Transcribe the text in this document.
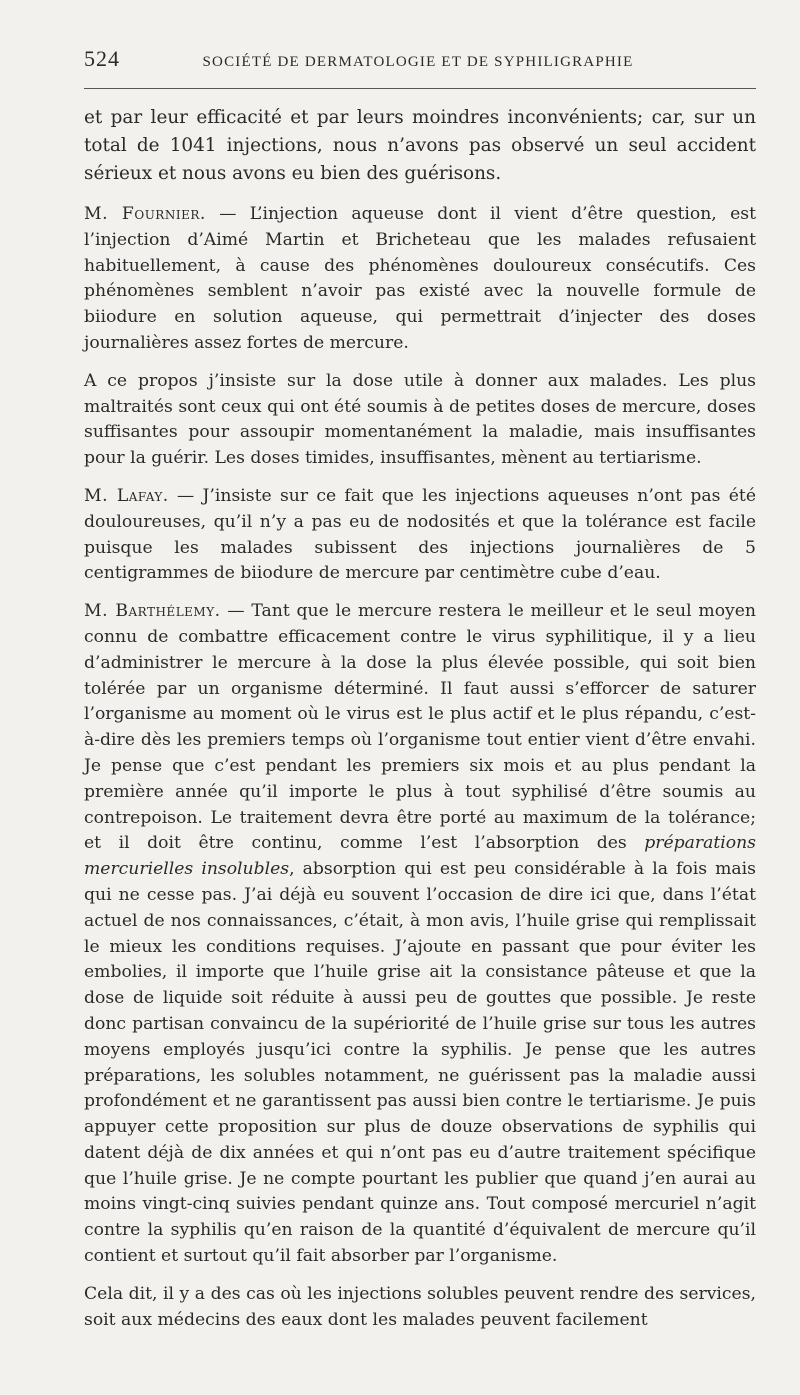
524	SOCIÉTÉ DE DERMATOLOGIE ET DE SYPHILIGRAPHIE

et par leur efficacité et par leurs moindres inconvénients; car, sur un total de 1041 injections, nous n’avons pas observé un seul accident sérieux et nous avons eu bien des guérisons.

M. Fournier. — L’injection aqueuse dont il vient d’être question, est l’injection d’Aimé Martin et Bricheteau que les malades refusaient habituellement, à cause des phénomènes douloureux consécutifs. Ces phénomènes semblent n’avoir pas existé avec la nouvelle formule de biiodure en solution aqueuse, qui permettrait d’injecter des doses journalières assez fortes de mercure.

A ce propos j’insiste sur la dose utile à donner aux malades. Les plus maltraités sont ceux qui ont été soumis à de petites doses de mercure, doses suffisantes pour assoupir momentanément la maladie, mais insuffisantes pour la guérir. Les doses timides, insuffisantes, mènent au tertiarisme.

M. Lafay. — J’insiste sur ce fait que les injections aqueuses n’ont pas été douloureuses, qu’il n’y a pas eu de nodosités et que la tolérance est facile puisque les malades subissent des injections journalières de 5 centigrammes de biiodure de mercure par centimètre cube d’eau.

M. Barthélemy. — Tant que le mercure restera le meilleur et le seul moyen connu de combattre efficacement contre le virus syphilitique, il y a lieu d’administrer le mercure à la dose la plus élevée possible, qui soit bien tolérée par un organisme déterminé. Il faut aussi s’efforcer de saturer l’organisme au moment où le virus est le plus actif et le plus répandu, c’est-à-dire dès les premiers temps où l’organisme tout entier vient d’être envahi. Je pense que c’est pendant les premiers six mois et au plus pendant la première année qu’il importe le plus à tout syphilisé d’être soumis au contrepoison. Le traitement devra être porté au maximum de la tolérance; et il doit être continu, comme l’est l’absorption des préparations mercurielles insolubles, absorption qui est peu considérable à la fois mais qui ne cesse pas. J’ai déjà eu souvent l’occasion de dire ici que, dans l’état actuel de nos connaissances, c’était, à mon avis, l’huile grise qui remplissait le mieux les conditions requises. J’ajoute en passant que pour éviter les embolies, il importe que l’huile grise ait la consistance pâteuse et que la dose de liquide soit réduite à aussi peu de gouttes que possible. Je reste donc partisan convaincu de la supériorité de l’huile grise sur tous les autres moyens employés jusqu’ici contre la syphilis. Je pense que les autres préparations, les solubles notamment, ne guérissent pas la maladie aussi profondément et ne garantissent pas aussi bien contre le tertiarisme. Je puis appuyer cette proposition sur plus de douze observations de syphilis qui datent déjà de dix années et qui n’ont pas eu d’autre traitement spécifique que l’huile grise. Je ne compte pourtant les publier que quand j’en aurai au moins vingt-cinq suivies pendant quinze ans. Tout composé mercuriel n’agit contre la syphilis qu’en raison de la quantité d’équivalent de mercure qu’il contient et surtout qu’il fait absorber par l’organisme.

Cela dit, il y a des cas où les injections solubles peuvent rendre des services, soit aux médecins des eaux dont les malades peuvent facilement
